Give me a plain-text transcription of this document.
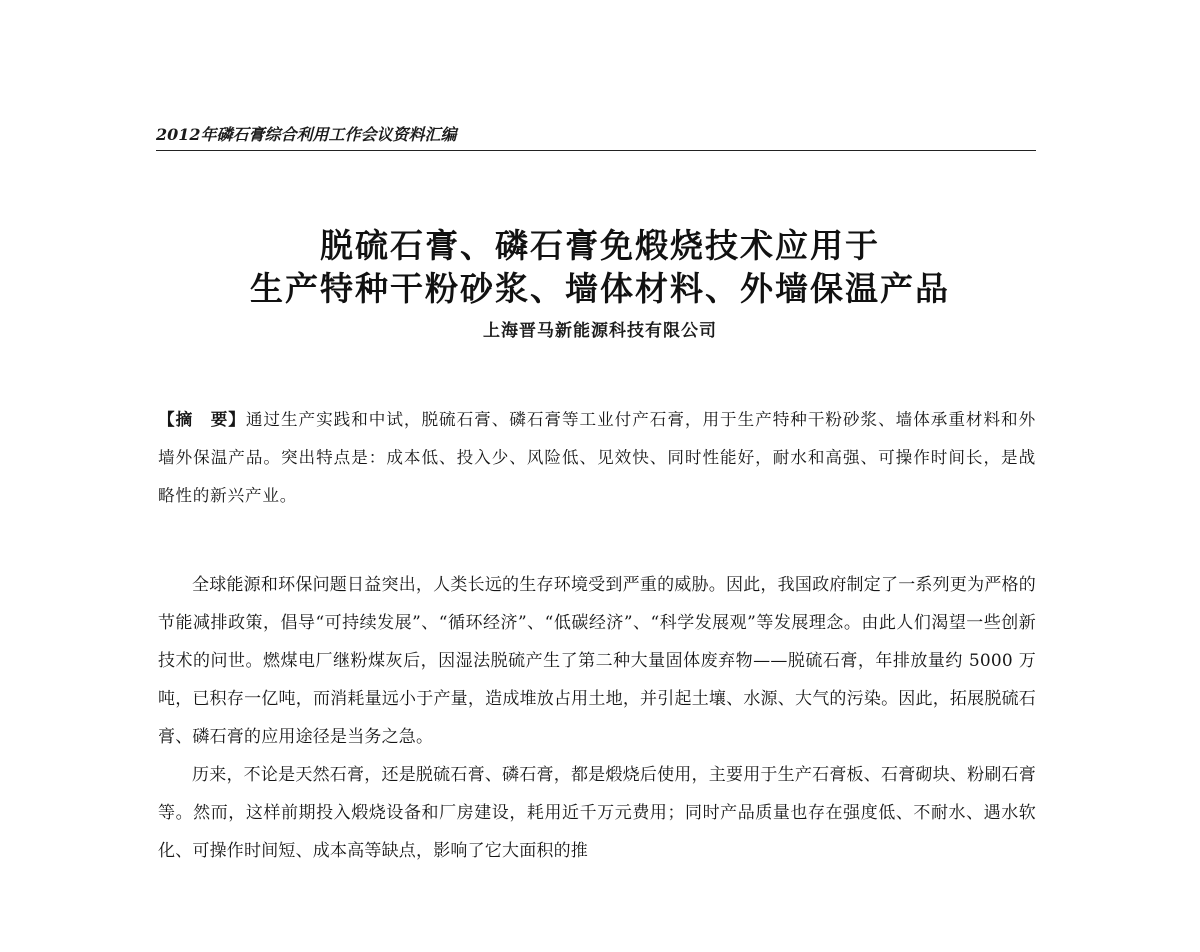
2012年磷石膏综合利用工作会议资料汇编
脱硫石膏、磷石膏免煅烧技术应用于
生产特种干粉砂浆、墙体材料、外墙保温产品
上海晋马新能源科技有限公司
【摘　要】通过生产实践和中试，脱硫石膏、磷石膏等工业付产石膏，用于生产特种干粉砂浆、墙体承重材料和外墙外保温产品。突出特点是：成本低、投入少、风险低、见效快、同时性能好，耐水和高强、可操作时间长，是战略性的新兴产业。

全球能源和环保问题日益突出，人类长远的生存环境受到严重的威胁。因此，我国政府制定了一系列更为严格的节能减排政策，倡导“可持续发展”、“循环经济”、“低碳经济”、“科学发展观”等发展理念。由此人们渴望一些创新技术的问世。燃煤电厂继粉煤灰后，因湿法脱硫产生了第二种大量固体废弃物——脱硫石膏，年排放量约 5000 万吨，已积存一亿吨，而消耗量远小于产量，造成堆放占用土地，并引起土壤、水源、大气的污染。因此，拓展脱硫石膏、磷石膏的应用途径是当务之急。

历来，不论是天然石膏，还是脱硫石膏、磷石膏，都是煅烧后使用，主要用于生产石膏板、石膏砌块、粉刷石膏等。然而，这样前期投入煅烧设备和厂房建设，耗用近千万元费用；同时产品质量也存在强度低、不耐水、遇水软化、可操作时间短、成本高等缺点，影响了它大面积的推
